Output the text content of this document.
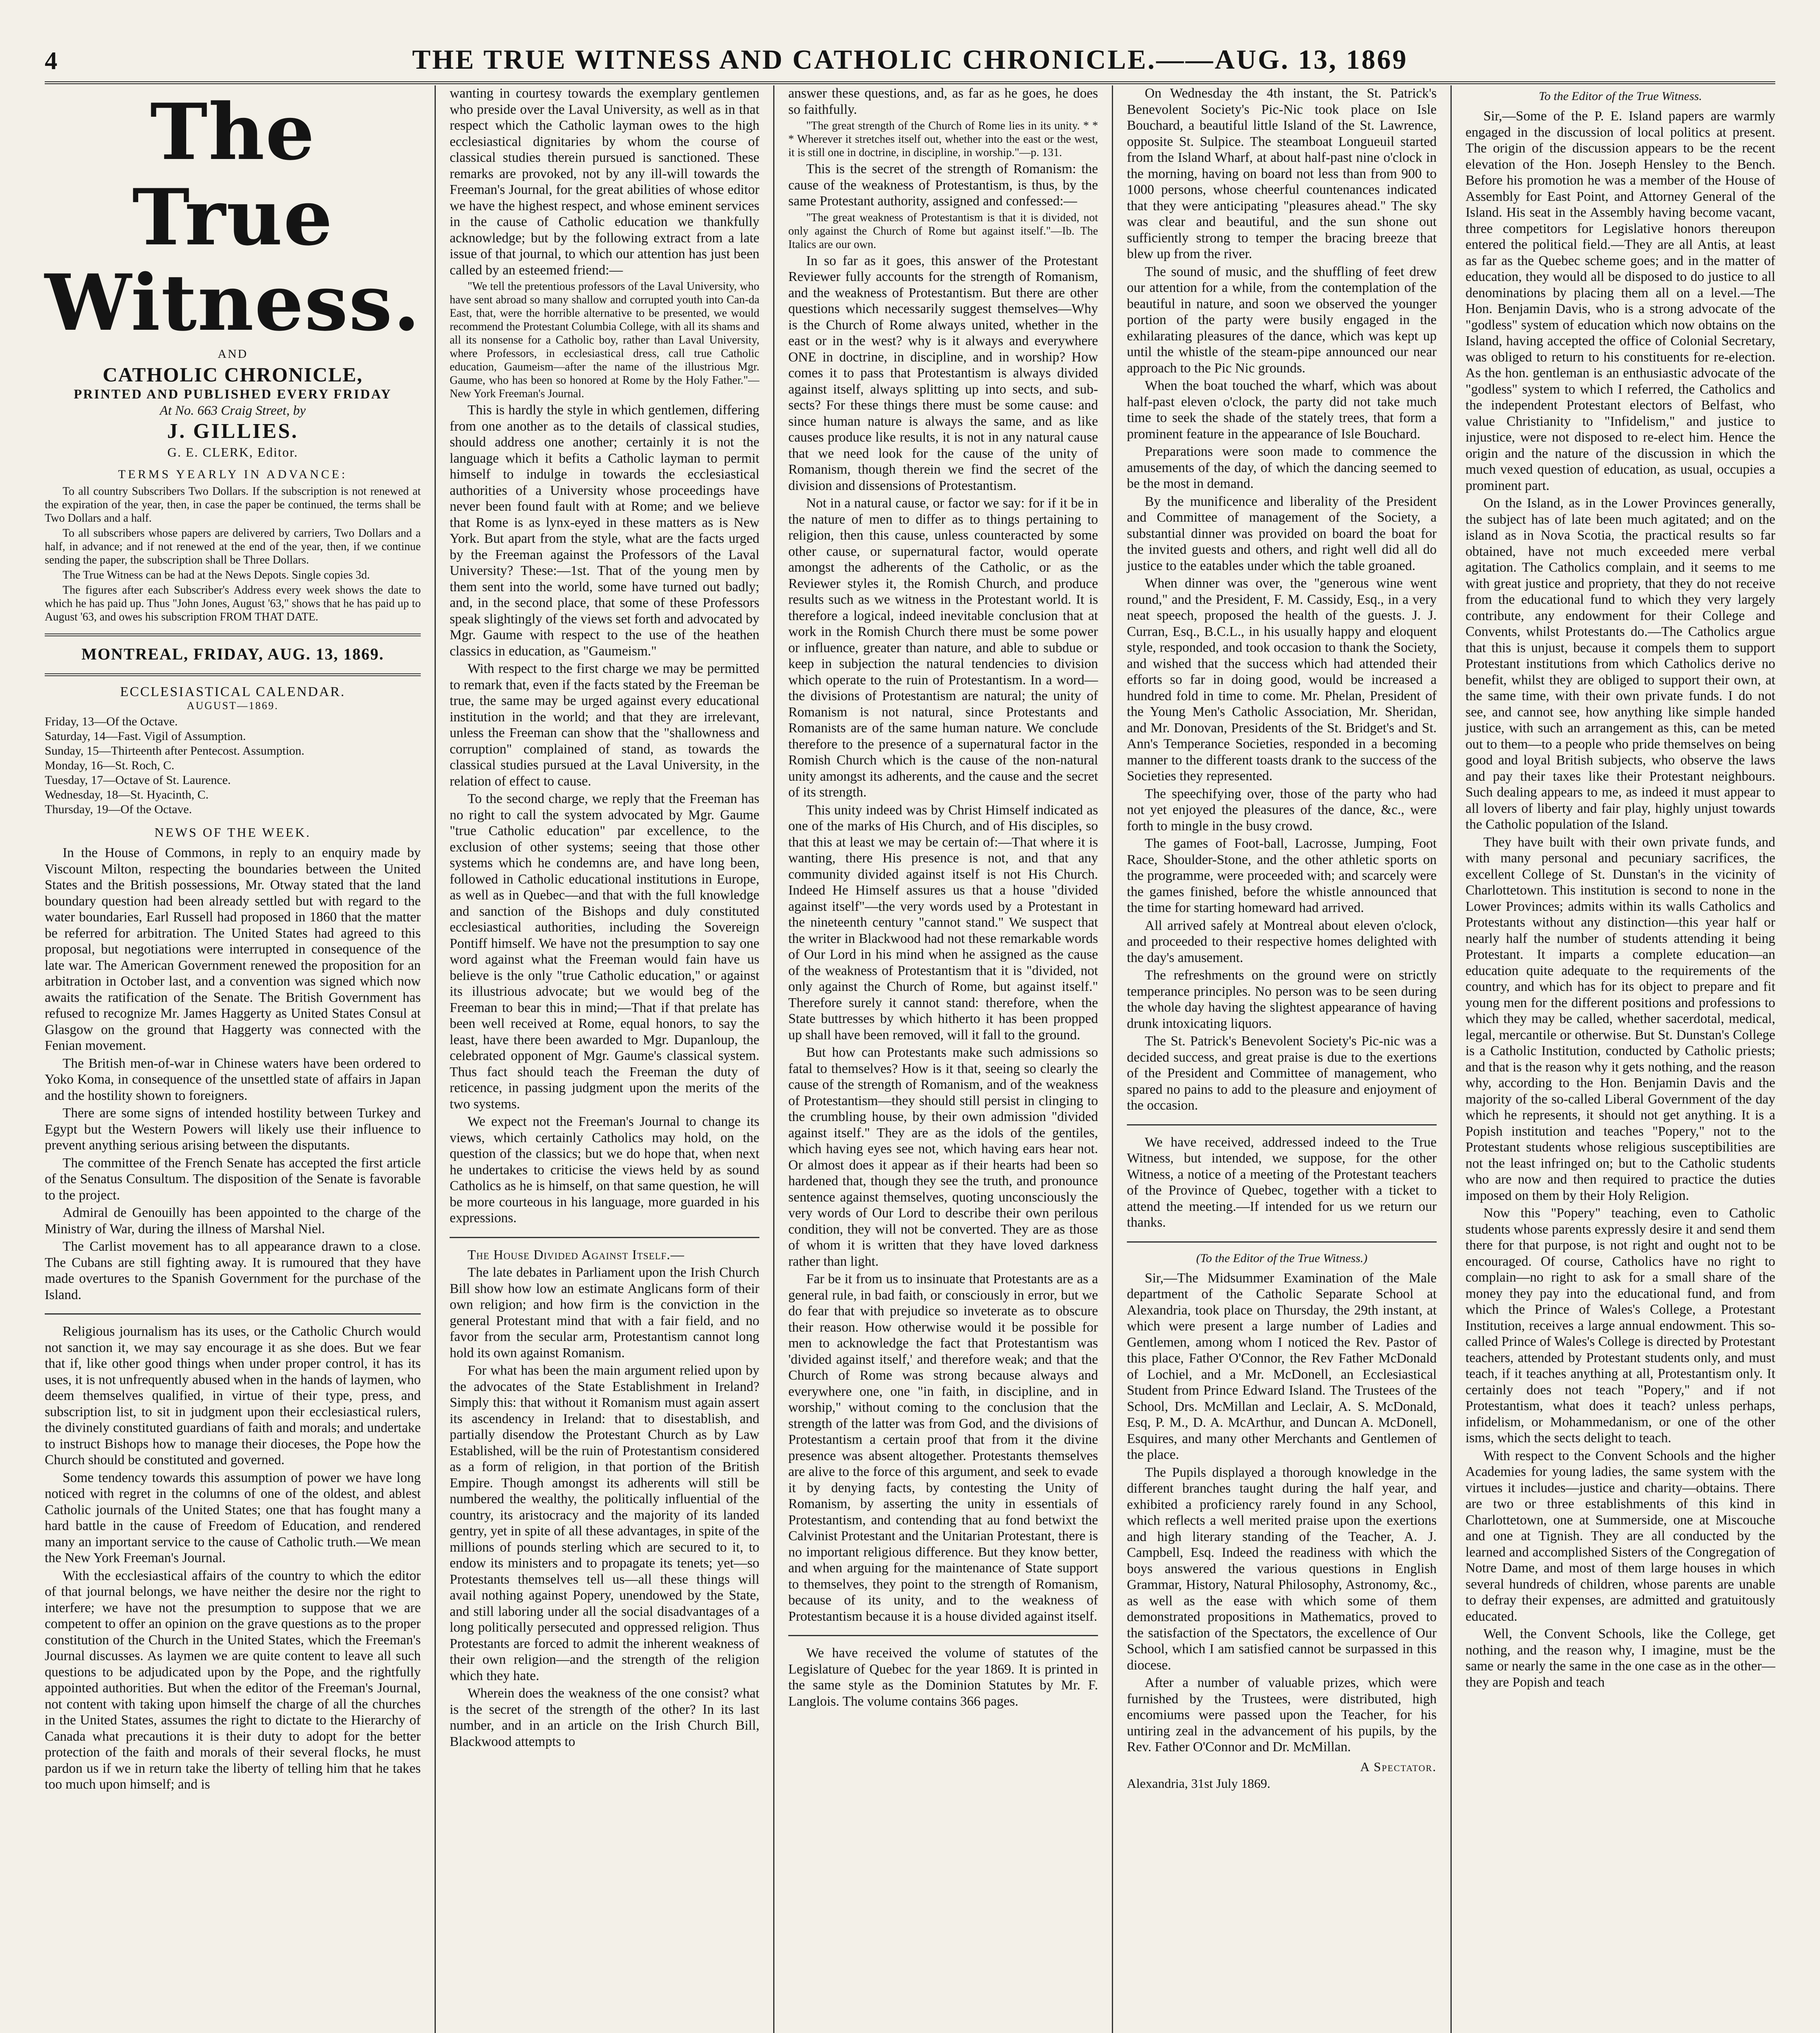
4	THE TRUE WITNESS AND CATHOLIC CHRONICLE.——AUG. 13, 1869
The True Witness.
AND
CATHOLIC CHRONICLE,
PRINTED AND PUBLISHED EVERY FRIDAY
At No. 663 Craig Street, by
J. GILLIES.
G. E. CLERK, Editor.
TERMS YEARLY IN ADVANCE:

To all country Subscribers Two Dollars. If the subscription is not renewed at the expiration of the year, then, in case the paper be continued, the terms shall be Two Dollars and a half.

To all subscribers whose papers are delivered by carriers, Two Dollars and a half, in advance; and if not renewed at the end of the year, then, if we continue sending the paper, the subscription shall be Three Dollars.

The True Witness can be had at the News Depots. Single copies 3d.

The figures after each Subscriber's Address every week shows the date to which he has paid up. Thus "John Jones, August '63," shows that he has paid up to August '63, and owes his subscription FROM THAT DATE.

MONTREAL, FRIDAY, AUG. 13, 1869.
ECCLESIASTICAL CALENDAR.
AUGUST—1869.
Friday, 13—Of the Octave.
Saturday, 14—Fast. Vigil of Assumption.
Sunday, 15—Thirteenth after Pentecost. Assumption.
Monday, 16—St. Roch, C.
Tuesday, 17—Octave of St. Laurence.
Wednesday, 18—St. Hyacinth, C.
Thursday, 19—Of the Octave.
NEWS OF THE WEEK.

In the House of Commons, in reply to an enquiry made by Viscount Milton, respecting the boundaries between the United States and the British possessions, Mr. Otway stated that the land boundary question had been already settled but with regard to the water boundaries, Earl Russell had proposed in 1860 that the matter be referred for arbitration. The United States had agreed to this proposal, but negotiations were interrupted in consequence of the late war. The American Government renewed the proposition for an arbitration in October last, and a convention was signed which now awaits the ratification of the Senate. The British Government has refused to recognize Mr. James Haggerty as United States Consul at Glasgow on the ground that Haggerty was connected with the Fenian movement.

The British men-of-war in Chinese waters have been ordered to Yoko Koma, in consequence of the unsettled state of affairs in Japan and the hostility shown to foreigners.

There are some signs of intended hostility between Turkey and Egypt but the Western Powers will likely use their influence to prevent anything serious arising between the disputants.

The committee of the French Senate has accepted the first article of the Senatus Consultum. The disposition of the Senate is favorable to the project.

Admiral de Genouilly has been appointed to the charge of the Ministry of War, during the illness of Marshal Niel.

The Carlist movement has to all appearance drawn to a close. The Cubans are still fighting away. It is rumoured that they have made overtures to the Spanish Government for the purchase of the Island.

Religious journalism has its uses, or the Catholic Church would not sanction it, we may say encourage it as she does. But we fear that if, like other good things when under proper control, it has its uses, it is not unfrequently abused when in the hands of laymen, who deem themselves qualified, in virtue of their type, press, and subscription list, to sit in judgment upon their ecclesiastical rulers, the divinely constituted guardians of faith and morals; and undertake to instruct Bishops how to manage their dioceses, the Pope how the Church should be constituted and governed.

Some tendency towards this assumption of power we have long noticed with regret in the columns of one of the oldest, and ablest Catholic journals of the United States; one that has fought many a hard battle in the cause of Freedom of Education, and rendered many an important service to the cause of Catholic truth.—We mean the New York Freeman's Journal.

With the ecclesiastical affairs of the country to which the editor of that journal belongs, we have neither the desire nor the right to interfere; we have not the presumption to suppose that we are competent to offer an opinion on the grave questions as to the proper constitution of the Church in the United States, which the Freeman's Journal discusses. As laymen we are quite content to leave all such questions to be adjudicated upon by the Pope, and the rightfully appointed authorities. But when the editor of the Freeman's Journal, not content with taking upon himself the charge of all the churches in the United States, assumes the right to dictate to the Hierarchy of Canada what precautions it is their duty to adopt for the better protection of the faith and morals of their several flocks, he must pardon us if we in return take the liberty of telling him that he takes too much upon himself; and is

wanting in courtesy towards the exemplary gentlemen who preside over the Laval University, as well as in that respect which the Catholic layman owes to the high ecclesiastical dignitaries by whom the course of classical studies therein pursued is sanctioned. These remarks are provoked, not by any ill-will towards the Freeman's Journal, for the great abilities of whose editor we have the highest respect, and whose eminent services in the cause of Catholic education we thankfully acknowledge; but by the following extract from a late issue of that journal, to which our attention has just been called by an esteemed friend:—

"We tell the pretentious professors of the Laval University, who have sent abroad so many shallow and corrupted youth into Can-da East, that, were the horrible alternative to be presented, we would recommend the Protestant Columbia College, with all its shams and all its nonsense for a Catholic boy, rather than Laval University, where Professors, in ecclesiastical dress, call true Catholic education, Gaumeism—after the name of the illustrious Mgr. Gaume, who has been so honored at Rome by the Holy Father."—New York Freeman's Journal.

This is hardly the style in which gentlemen, differing from one another as to the details of classical studies, should address one another; certainly it is not the language which it befits a Catholic layman to permit himself to indulge in towards the ecclesiastical authorities of a University whose proceedings have never been found fault with at Rome; and we believe that Rome is as lynx-eyed in these matters as is New York. But apart from the style, what are the facts urged by the Freeman against the Professors of the Laval University? These:—1st. That of the young men by them sent into the world, some have turned out badly; and, in the second place, that some of these Professors speak slightingly of the views set forth and advocated by Mgr. Gaume with respect to the use of the heathen classics in education, as "Gaumeism."

With respect to the first charge we may be permitted to remark that, even if the facts stated by the Freeman be true, the same may be urged against every educational institution in the world; and that they are irrelevant, unless the Freeman can show that the "shallowness and corruption" complained of stand, as towards the classical studies pursued at the Laval University, in the relation of effect to cause.

To the second charge, we reply that the Freeman has no right to call the system advocated by Mgr. Gaume "true Catholic education" par excellence, to the exclusion of other systems; seeing that those other systems which he condemns are, and have long been, followed in Catholic educational institutions in Europe, as well as in Quebec—and that with the full knowledge and sanction of the Bishops and duly constituted ecclesiastical authorities, including the Sovereign Pontiff himself. We have not the presumption to say one word against what the Freeman would fain have us believe is the only "true Catholic education," or against its illustrious advocate; but we would beg of the Freeman to bear this in mind;—That if that prelate has been well received at Rome, equal honors, to say the least, have there been awarded to Mgr. Dupanloup, the celebrated opponent of Mgr. Gaume's classical system. Thus fact should teach the Freeman the duty of reticence, in passing judgment upon the merits of the two systems.

We expect not the Freeman's Journal to change its views, which certainly Catholics may hold, on the question of the classics; but we do hope that, when next he undertakes to criticise the views held by as sound Catholics as he is himself, on that same question, he will be more courteous in his language, more guarded in his expressions.

The House Divided Against Itself.—

The late debates in Parliament upon the Irish Church Bill show how low an estimate Anglicans form of their own religion; and how firm is the conviction in the general Protestant mind that with a fair field, and no favor from the secular arm, Protestantism cannot long hold its own against Romanism.

For what has been the main argument relied upon by the advocates of the State Establishment in Ireland? Simply this: that without it Romanism must again assert its ascendency in Ireland: that to disestablish, and partially disendow the Protestant Church as by Law Established, will be the ruin of Protestantism considered as a form of religion, in that portion of the British Empire. Though amongst its adherents will still be numbered the wealthy, the politically influential of the country, its aristocracy and the majority of its landed gentry, yet in spite of all these advantages, in spite of the millions of pounds sterling which are secured to it, to endow its ministers and to propagate its tenets; yet—so Protestants themselves tell us—all these things will avail nothing against Popery, unendowed by the State, and still laboring under all the social disadvantages of a long politically persecuted and oppressed religion. Thus Protestants are forced to admit the inherent weakness of their own religion—and the strength of the religion which they hate.

Wherein does the weakness of the one consist? what is the secret of the strength of the other? In its last number, and in an article on the Irish Church Bill, Blackwood attempts to

answer these questions, and, as far as he goes, he does so faithfully.

"The great strength of the Church of Rome lies in its unity. * * * Wherever it stretches itself out, whether into the east or the west, it is still one in doctrine, in discipline, in worship."—p. 131.

This is the secret of the strength of Romanism: the cause of the weakness of Protestantism, is thus, by the same Protestant authority, assigned and confessed:—

"The great weakness of Protestantism is that it is divided, not only against the Church of Rome but against itself."—Ib. The Italics are our own.

In so far as it goes, this answer of the Protestant Reviewer fully accounts for the strength of Romanism, and the weakness of Protestantism. But there are other questions which necessarily suggest themselves—Why is the Church of Rome always united, whether in the east or in the west? why is it always and everywhere ONE in doctrine, in discipline, and in worship? How comes it to pass that Protestantism is always divided against itself, always splitting up into sects, and sub-sects? For these things there must be some cause: and since human nature is always the same, and as like causes produce like results, it is not in any natural cause that we need look for the cause of the unity of Romanism, though therein we find the secret of the division and dissensions of Protestantism.

Not in a natural cause, or factor we say: for if it be in the nature of men to differ as to things pertaining to religion, then this cause, unless counteracted by some other cause, or supernatural factor, would operate amongst the adherents of the Catholic, or as the Reviewer styles it, the Romish Church, and produce results such as we witness in the Protestant world. It is therefore a logical, indeed inevitable conclusion that at work in the Romish Church there must be some power or influence, greater than nature, and able to subdue or keep in subjection the natural tendencies to division which operate to the ruin of Protestantism. In a word—the divisions of Protestantism are natural; the unity of Romanism is not natural, since Protestants and Romanists are of the same human nature. We conclude therefore to the presence of a supernatural factor in the Romish Church which is the cause of the non-natural unity amongst its adherents, and the cause and the secret of its strength.

This unity indeed was by Christ Himself indicated as one of the marks of His Church, and of His disciples, so that this at least we may be certain of:—That where it is wanting, there His presence is not, and that any community divided against itself is not His Church. Indeed He Himself assures us that a house "divided against itself"—the very words used by a Protestant in the nineteenth century "cannot stand." We suspect that the writer in Blackwood had not these remarkable words of Our Lord in his mind when he assigned as the cause of the weakness of Protestantism that it is "divided, not only against the Church of Rome, but against itself." Therefore surely it cannot stand: therefore, when the State buttresses by which hitherto it has been propped up shall have been removed, will it fall to the ground.

But how can Protestants make such admissions so fatal to themselves? How is it that, seeing so clearly the cause of the strength of Romanism, and of the weakness of Protestantism—they should still persist in clinging to the crumbling house, by their own admission "divided against itself." They are as the idols of the gentiles, which having eyes see not, which having ears hear not. Or almost does it appear as if their hearts had been so hardened that, though they see the truth, and pronounce sentence against themselves, quoting unconsciously the very words of Our Lord to describe their own perilous condition, they will not be converted. They are as those of whom it is written that they have loved darkness rather than light.

Far be it from us to insinuate that Protestants are as a general rule, in bad faith, or consciously in error, but we do fear that with prejudice so inveterate as to obscure their reason. How otherwise would it be possible for men to acknowledge the fact that Protestantism was 'divided against itself,' and therefore weak; and that the Church of Rome was strong because always and everywhere one, one "in faith, in discipline, and in worship," without coming to the conclusion that the strength of the latter was from God, and the divisions of Protestantism a certain proof that from it the divine presence was absent altogether. Protestants themselves are alive to the force of this argument, and seek to evade it by denying facts, by contesting the Unity of Romanism, by asserting the unity in essentials of Protestantism, and contending that au fond betwixt the Calvinist Protestant and the Unitarian Protestant, there is no important religious difference. But they know better, and when arguing for the maintenance of State support to themselves, they point to the strength of Romanism, because of its unity, and to the weakness of Protestantism because it is a house divided against itself.

We have received the volume of statutes of the Legislature of Quebec for the year 1869. It is printed in the same style as the Dominion Statutes by Mr. F. Langlois. The volume contains 366 pages.

On Wednesday the 4th instant, the St. Patrick's Benevolent Society's Pic-Nic took place on Isle Bouchard, a beautiful little Island of the St. Lawrence, opposite St. Sulpice. The steamboat Longueuil started from the Island Wharf, at about half-past nine o'clock in the morning, having on board not less than from 900 to 1000 persons, whose cheerful countenances indicated that they were anticipating "pleasures ahead." The sky was clear and beautiful, and the sun shone out sufficiently strong to temper the bracing breeze that blew up from the river.

The sound of music, and the shuffling of feet drew our attention for a while, from the contemplation of the beautiful in nature, and soon we observed the younger portion of the party were busily engaged in the exhilarating pleasures of the dance, which was kept up until the whistle of the steam-pipe announced our near approach to the Pic Nic grounds.

When the boat touched the wharf, which was about half-past eleven o'clock, the party did not take much time to seek the shade of the stately trees, that form a prominent feature in the appearance of Isle Bouchard.

Preparations were soon made to commence the amusements of the day, of which the dancing seemed to be the most in demand.

By the munificence and liberality of the President and Committee of management of the Society, a substantial dinner was provided on board the boat for the invited guests and others, and right well did all do justice to the eatables under which the table groaned.

When dinner was over, the "generous wine went round," and the President, F. M. Cassidy, Esq., in a very neat speech, proposed the health of the guests. J. J. Curran, Esq., B.C.L., in his usually happy and eloquent style, responded, and took occasion to thank the Society, and wished that the success which had attended their efforts so far in doing good, would be increased a hundred fold in time to come. Mr. Phelan, President of the Young Men's Catholic Association, Mr. Sheridan, and Mr. Donovan, Presidents of the St. Bridget's and St. Ann's Temperance Societies, responded in a becoming manner to the different toasts drank to the success of the Societies they represented.

The speechifying over, those of the party who had not yet enjoyed the pleasures of the dance, &c., were forth to mingle in the busy crowd.

The games of Foot-ball, Lacrosse, Jumping, Foot Race, Shoulder-Stone, and the other athletic sports on the programme, were proceeded with; and scarcely were the games finished, before the whistle announced that the time for starting homeward had arrived.

All arrived safely at Montreal about eleven o'clock, and proceeded to their respective homes delighted with the day's amusement.

The refreshments on the ground were on strictly temperance principles. No person was to be seen during the whole day having the slightest appearance of having drunk intoxicating liquors.

The St. Patrick's Benevolent Society's Pic-nic was a decided success, and great praise is due to the exertions of the President and Committee of management, who spared no pains to add to the pleasure and enjoyment of the occasion.

We have received, addressed indeed to the True Witness, but intended, we suppose, for the other Witness, a notice of a meeting of the Protestant teachers of the Province of Quebec, together with a ticket to attend the meeting.—If intended for us we return our thanks.

(To the Editor of the True Witness.)

Sir,—The Midsummer Examination of the Male department of the Catholic Separate School at Alexandria, took place on Thursday, the 29th instant, at which were present a large number of Ladies and Gentlemen, among whom I noticed the Rev. Pastor of this place, Father O'Connor, the Rev Father McDonald of Lochiel, and a Mr. McDonell, an Ecclesiastical Student from Prince Edward Island. The Trustees of the School, Drs. McMillan and Leclair, A. S. McDonald, Esq, P. M., D. A. McArthur, and Duncan A. McDonell, Esquires, and many other Merchants and Gentlemen of the place.

The Pupils displayed a thorough knowledge in the different branches taught during the half year, and exhibited a proficiency rarely found in any School, which reflects a well merited praise upon the exertions and high literary standing of the Teacher, A. J. Campbell, Esq. Indeed the readiness with which the boys answered the various questions in English Grammar, History, Natural Philosophy, Astronomy, &c., as well as the ease with which some of them demonstrated propositions in Mathematics, proved to the satisfaction of the Spectators, the excellence of Our School, which I am satisfied cannot be surpassed in this diocese.

After a number of valuable prizes, which were furnished by the Trustees, were distributed, high encomiums were passed upon the Teacher, for his untiring zeal in the advancement of his pupils, by the Rev. Father O'Connor and Dr. McMillan.

A Spectator.
Alexandria, 31st July 1869.
To the Editor of the True Witness.

Sir,—Some of the P. E. Island papers are warmly engaged in the discussion of local politics at present. The origin of the discussion appears to be the recent elevation of the Hon. Joseph Hensley to the Bench. Before his promotion he was a member of the House of Assembly for East Point, and Attorney General of the Island. His seat in the Assembly having become vacant, three competitors for Legislative honors thereupon entered the political field.—They are all Antis, at least as far as the Quebec scheme goes; and in the matter of education, they would all be disposed to do justice to all denominations by placing them all on a level.—The Hon. Benjamin Davis, who is a strong advocate of the "godless" system of education which now obtains on the Island, having accepted the office of Colonial Secretary, was obliged to return to his constituents for re-election. As the hon. gentleman is an enthusiastic advocate of the "godless" system to which I referred, the Catholics and the independent Protestant electors of Belfast, who value Christianity to "Infidelism," and justice to injustice, were not disposed to re-elect him. Hence the origin and the nature of the discussion in which the much vexed question of education, as usual, occupies a prominent part.

On the Island, as in the Lower Provinces generally, the subject has of late been much agitated; and on the island as in Nova Scotia, the practical results so far obtained, have not much exceeded mere verbal agitation. The Catholics complain, and it seems to me with great justice and propriety, that they do not receive from the educational fund to which they very largely contribute, any endowment for their College and Convents, whilst Protestants do.—The Catholics argue that this is unjust, because it compels them to support Protestant institutions from which Catholics derive no benefit, whilst they are obliged to support their own, at the same time, with their own private funds. I do not see, and cannot see, how anything like simple handed justice, with such an arrangement as this, can be meted out to them—to a people who pride themselves on being good and loyal British subjects, who observe the laws and pay their taxes like their Protestant neighbours. Such dealing appears to me, as indeed it must appear to all lovers of liberty and fair play, highly unjust towards the Catholic population of the Island.

They have built with their own private funds, and with many personal and pecuniary sacrifices, the excellent College of St. Dunstan's in the vicinity of Charlottetown. This institution is second to none in the Lower Provinces; admits within its walls Catholics and Protestants without any distinction—this year half or nearly half the number of students attending it being Protestant. It imparts a complete education—an education quite adequate to the requirements of the country, and which has for its object to prepare and fit young men for the different positions and professions to which they may be called, whether sacerdotal, medical, legal, mercantile or otherwise. But St. Dunstan's College is a Catholic Institution, conducted by Catholic priests; and that is the reason why it gets nothing, and the reason why, according to the Hon. Benjamin Davis and the majority of the so-called Liberal Government of the day which he represents, it should not get anything. It is a Popish institution and teaches "Popery," not to the Protestant students whose religious susceptibilities are not the least infringed on; but to the Catholic students who are now and then required to practice the duties imposed on them by their Holy Religion.

Now this "Popery" teaching, even to Catholic students whose parents expressly desire it and send them there for that purpose, is not right and ought not to be encouraged. Of course, Catholics have no right to complain—no right to ask for a small share of the money they pay into the educational fund, and from which the Prince of Wales's College, a Protestant Institution, receives a large annual endowment. This so-called Prince of Wales's College is directed by Protestant teachers, attended by Protestant students only, and must teach, if it teaches anything at all, Protestantism only. It certainly does not teach "Popery," and if not Protestantism, what does it teach? unless perhaps, infidelism, or Mohammedanism, or one of the other isms, which the sects delight to teach.

With respect to the Convent Schools and the higher Academies for young ladies, the same system with the virtues it includes—justice and charity—obtains. There are two or three establishments of this kind in Charlottetown, one at Summerside, one at Miscouche and one at Tignish. They are all conducted by the learned and accomplished Sisters of the Congregation of Notre Dame, and most of them large houses in which several hundreds of children, whose parents are unable to defray their expenses, are admitted and gratuitously educated.

Well, the Convent Schools, like the College, get nothing, and the reason why, I imagine, must be the same or nearly the same in the one case as in the other—they are Popish and teach
